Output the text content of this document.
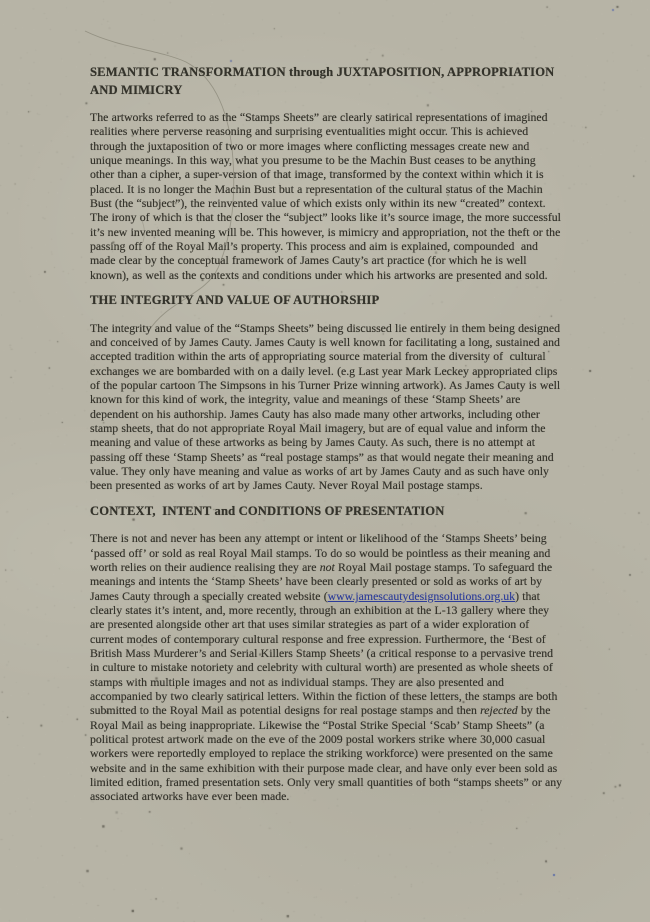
SEMANTIC TRANSFORMATION through JUXTAPOSITION, APPROPRIATION AND MIMICRY

The artworks referred to as the “Stamps Sheets” are clearly satirical representations of imagined realities where perverse reasoning and surprising eventualities might occur. This is achieved through the juxtaposition of two or more images where conflicting messages create new and unique meanings. In this way, what you presume to be the Machin Bust ceases to be anything other than a cipher, a super-version of that image, transformed by the context within which it is placed. It is no longer the Machin Bust but a representation of the cultural status of the Machin Bust (the “subject”), the reinvented value of which exists only within its new “created” context. The irony of which is that the closer the “subject” looks like it’s source image, the more successful it’s new invented meaning will be. This however, is mimicry and appropriation, not the theft or the passing off of the Royal Mail’s property. This process and aim is explained, compounded  and made clear by the conceptual framework of James Cauty’s art practice (for which he is well known), as well as the contexts and conditions under which his artworks are presented and sold.

THE INTEGRITY AND VALUE OF AUTHORSHIP

The integrity and value of the “Stamps Sheets” being discussed lie entirely in them being designed and conceived of by James Cauty. James Cauty is well known for facilitating a long, sustained and accepted tradition within the arts of appropriating source material from the diversity of  cultural exchanges we are bombarded with on a daily level. (e.g Last year Mark Leckey appropriated clips of the popular cartoon The Simpsons in his Turner Prize winning artwork). As James Cauty is well known for this kind of work, the integrity, value and meanings of these ‘Stamp Sheets’ are dependent on his authorship. James Cauty has also made many other artworks, including other stamp sheets, that do not appropriate Royal Mail imagery, but are of equal value and inform the meaning and value of these artworks as being by James Cauty. As such, there is no attempt at passing off these ‘Stamp Sheets’ as “real postage stamps” as that would negate their meaning and value. They only have meaning and value as works of art by James Cauty and as such have only been presented as works of art by James Cauty. Never Royal Mail postage stamps.

CONTEXT,  INTENT and CONDITIONS OF PRESENTATION

There is not and never has been any attempt or intent or likelihood of the ‘Stamps Sheets’ being ‘passed off’ or sold as real Royal Mail stamps. To do so would be pointless as their meaning and worth relies on their audience realising they are not Royal Mail postage stamps. To safeguard the meanings and intents the ‘Stamp Sheets’ have been clearly presented or sold as works of art by James Cauty through a specially created website (www.jamescautydesignsolutions.org.uk) that clearly states it’s intent, and, more recently, through an exhibition at the L-13 gallery where they are presented alongside other art that uses similar strategies as part of a wider exploration of current modes of contemporary cultural response and free expression. Furthermore, the ‘Best of British Mass Murderer’s and Serial Killers Stamp Sheets’ (a critical response to a pervasive trend in culture to mistake notoriety and celebrity with cultural worth) are presented as whole sheets of stamps with multiple images and not as individual stamps. They are also presented and accompanied by two clearly satirical letters. Within the fiction of these letters, the stamps are both submitted to the Royal Mail as potential designs for real postage stamps and then rejected by the Royal Mail as being inappropriate. Likewise the “Postal Strike Special ‘Scab’ Stamp Sheets” (a political protest artwork made on the eve of the 2009 postal workers strike where 30,000 casual workers were reportedly employed to replace the striking workforce) were presented on the same website and in the same exhibition with their purpose made clear, and have only ever been sold as limited edition, framed presentation sets. Only very small quantities of both “stamps sheets” or any associated artworks have ever been made.
